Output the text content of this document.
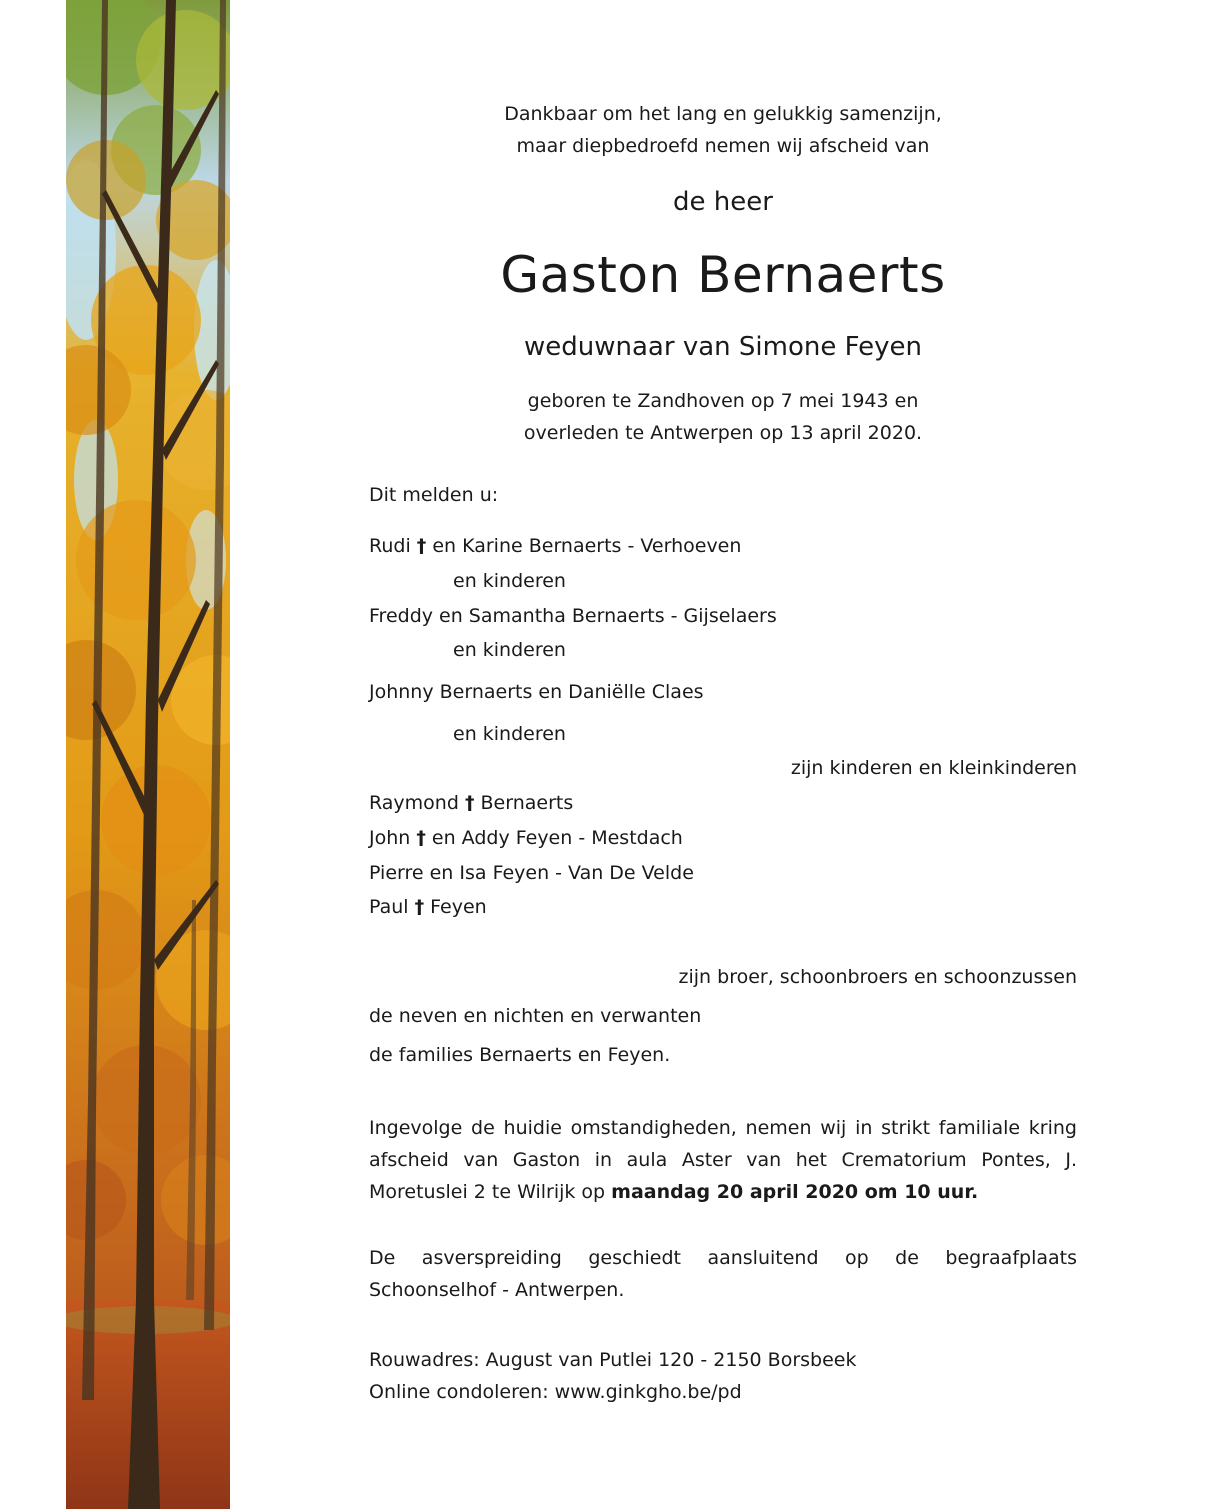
Dankbaar om het lang en gelukkig samenzijn,
maar diepbedroefd nemen wij afscheid van
de heer
Gaston Bernaerts
weduwnaar van Simone Feyen
geboren te Zandhoven op 7 mei 1943 en
overleden te Antwerpen op 13 april 2020.
Dit melden u:
Rudi † en Karine Bernaerts - Verhoeven
en kinderen
Freddy en Samantha Bernaerts - Gijselaers
en kinderen
Johnny Bernaerts en Daniëlle Claes
en kinderen
zijn kinderen en kleinkinderen
Raymond † Bernaerts
John † en Addy Feyen - Mestdach
Pierre en Isa Feyen - Van De Velde
Paul † Feyen
zijn broer, schoonbroers en schoonzussen
de neven en nichten en verwanten
de families Bernaerts en Feyen.

Ingevolge de huidie omstandigheden, nemen wij in strikt familiale kring afscheid van Gaston in aula Aster van het Crematorium Pontes, J. Moretuslei 2 te Wilrijk op maandag 20 april 2020 om 10 uur.

De asverspreiding geschiedt aansluitend op de begraafplaats Schoonselhof - Antwerpen.

Rouwadres: August van Putlei 120 - 2150 Borsbeek
Online condoleren: www.ginkgho.be/pd
